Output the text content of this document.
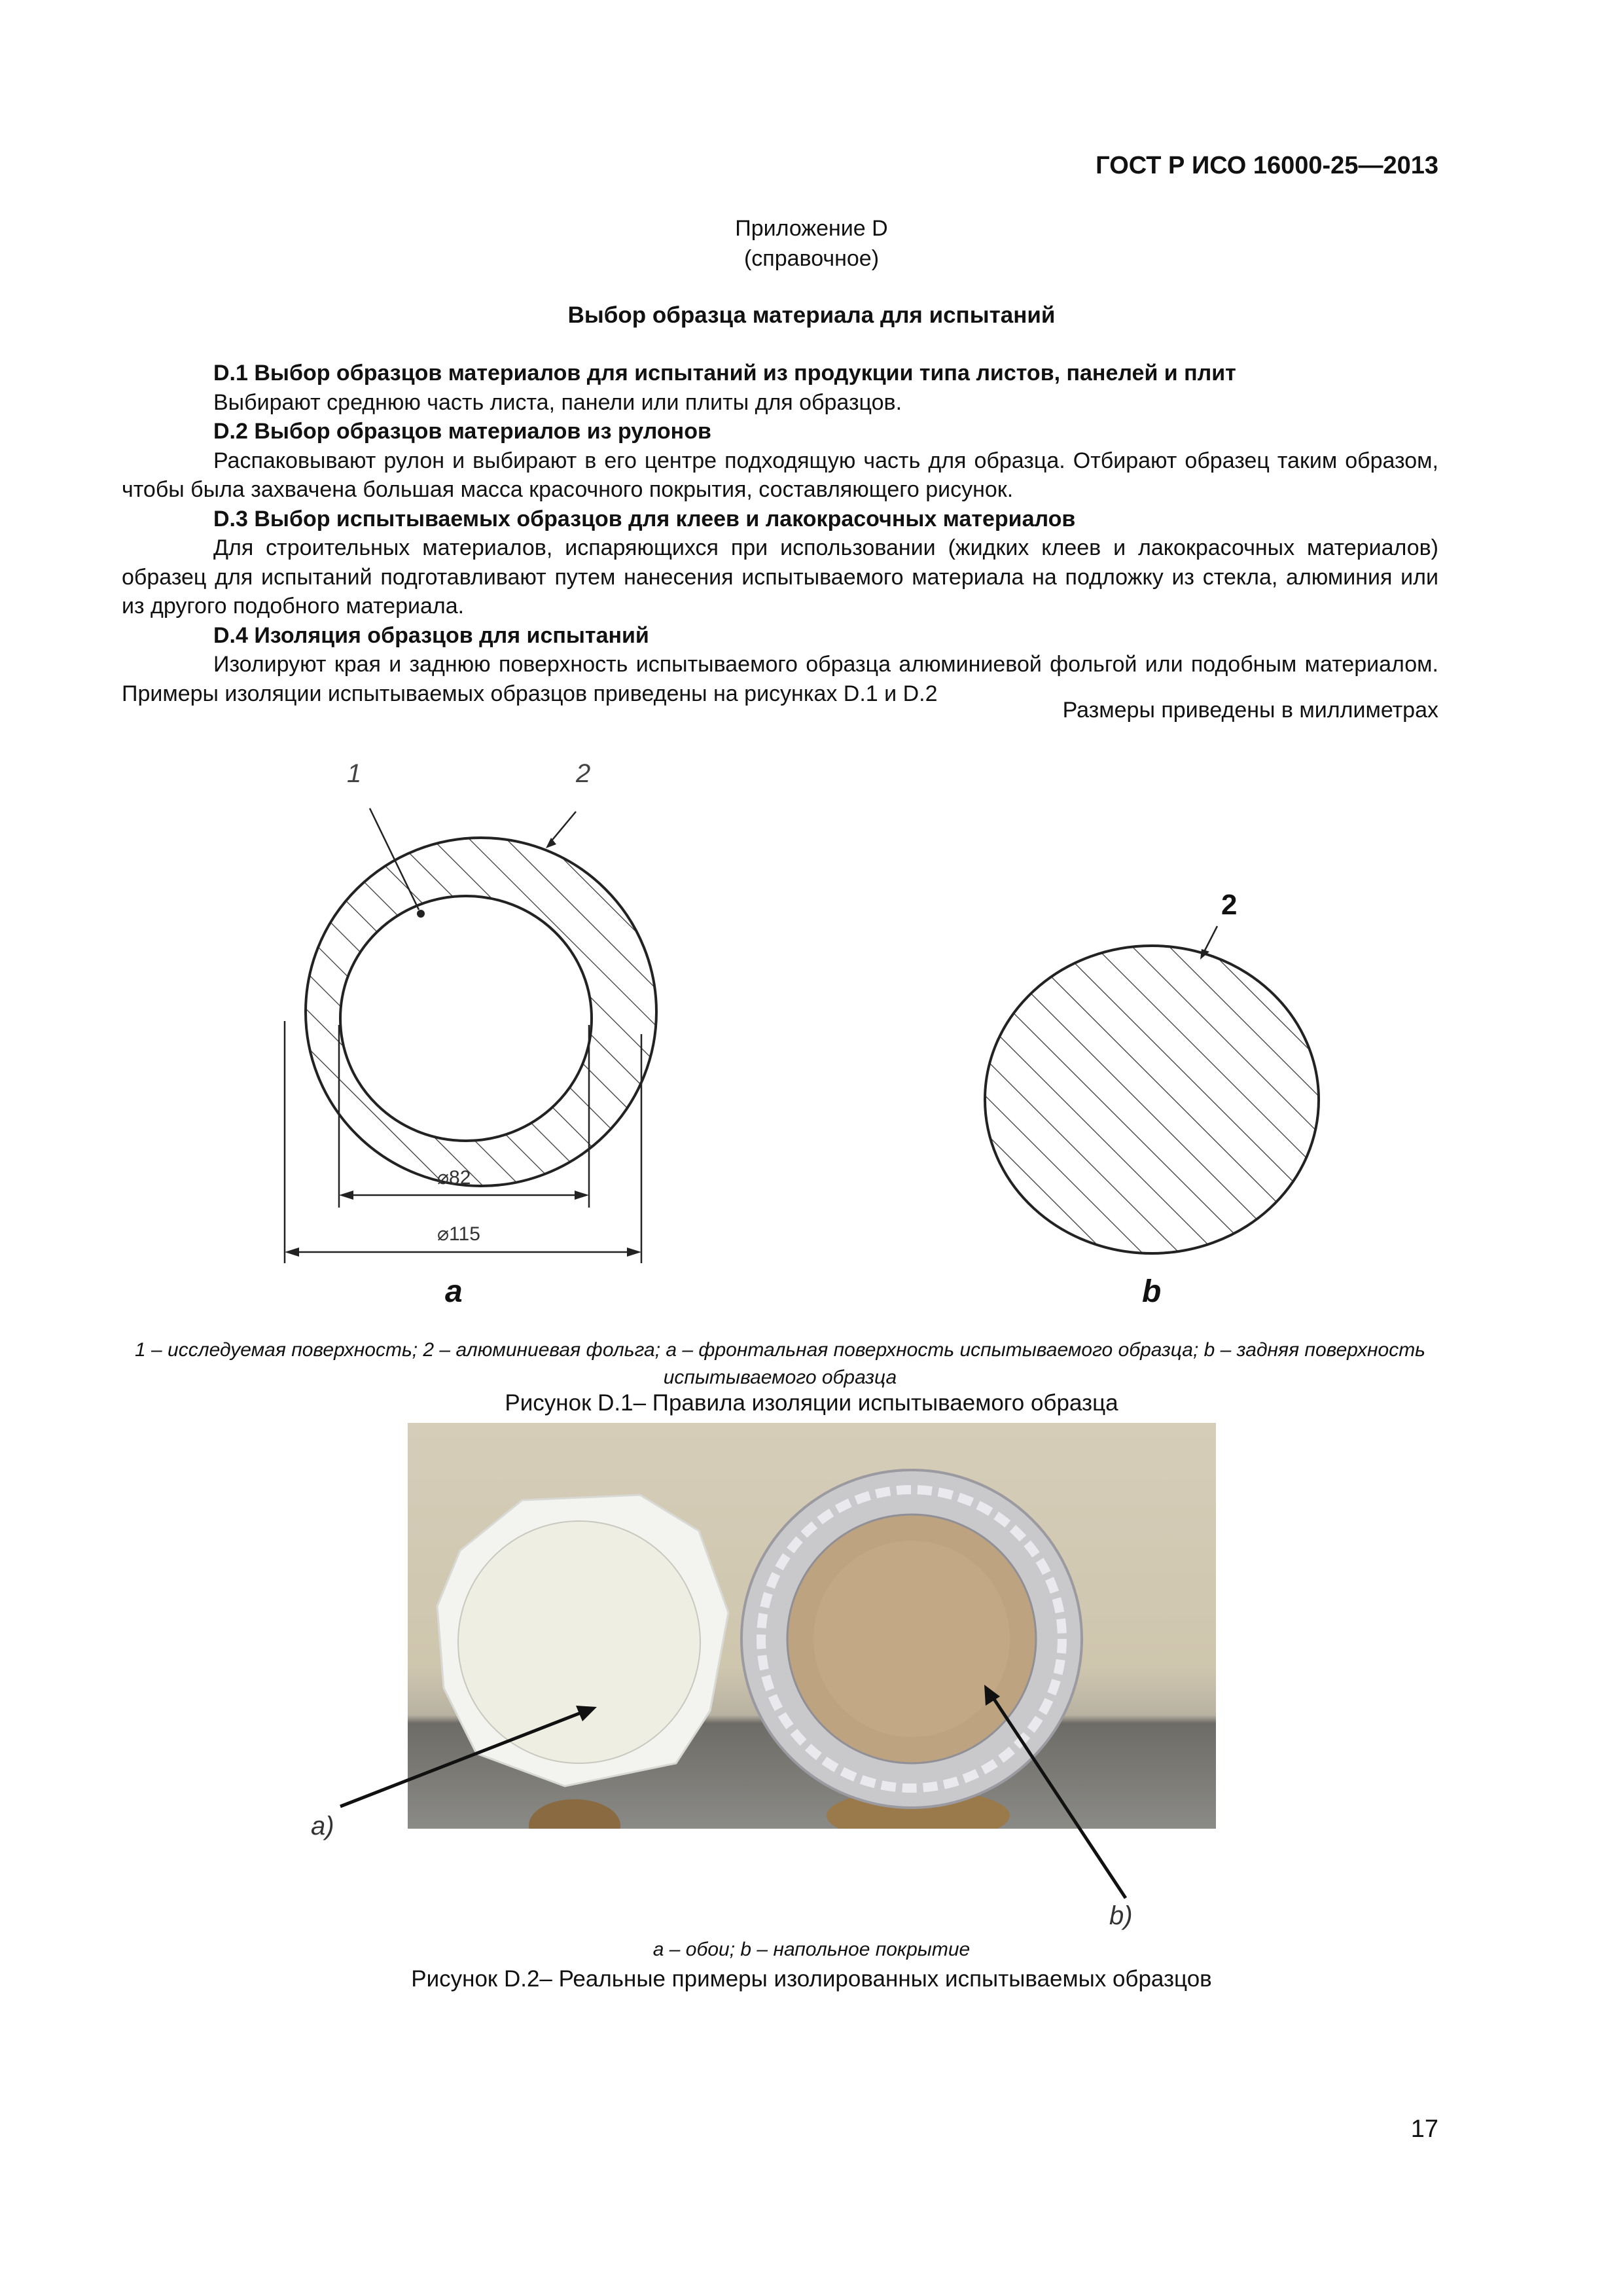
ГОСТ Р ИСО 16000-25—2013
Приложение D
(справочное)
Выбор образца материала для испытаний
D.1 Выбор образцов материалов для испытаний из продукции типа листов, панелей и плит
Выбирают среднюю часть листа, панели или плиты для образцов.
D.2 Выбор образцов материалов из рулонов
Распаковывают рулон и выбирают в его центре подходящую часть для образца. Отбирают образец таким образом, чтобы была захвачена большая масса красочного покрытия, составляющего рисунок.
D.3 Выбор испытываемых образцов для клеев и лакокрасочных материалов
Для строительных материалов, испаряющихся при использовании (жидких клеев и лакокрасочных материалов) образец для испытаний подготавливают путем нанесения испытываемого материала на подложку из стекла, алюминия или из другого подобного материала.
D.4 Изоляция образцов для испытаний
Изолируют края и заднюю поверхность испытываемого образца алюминиевой фольгой или подобным материалом. Примеры изоляции испытываемых образцов приведены на рисунках D.1 и D.2
Размеры приведены в миллиметрах
1	2
2
⌀82
⌀115
a	b
1 – исследуемая поверхность; 2 – алюминиевая фольга; a – фронтальная поверхность испытываемого образца; b – задняя поверхность испытываемого образца
Рисунок D.1– Правила изоляции испытываемого образца
a)
b)
a – обои; b – напольное покрытие
Рисунок D.2– Реальные примеры изолированных испытываемых образцов
17
